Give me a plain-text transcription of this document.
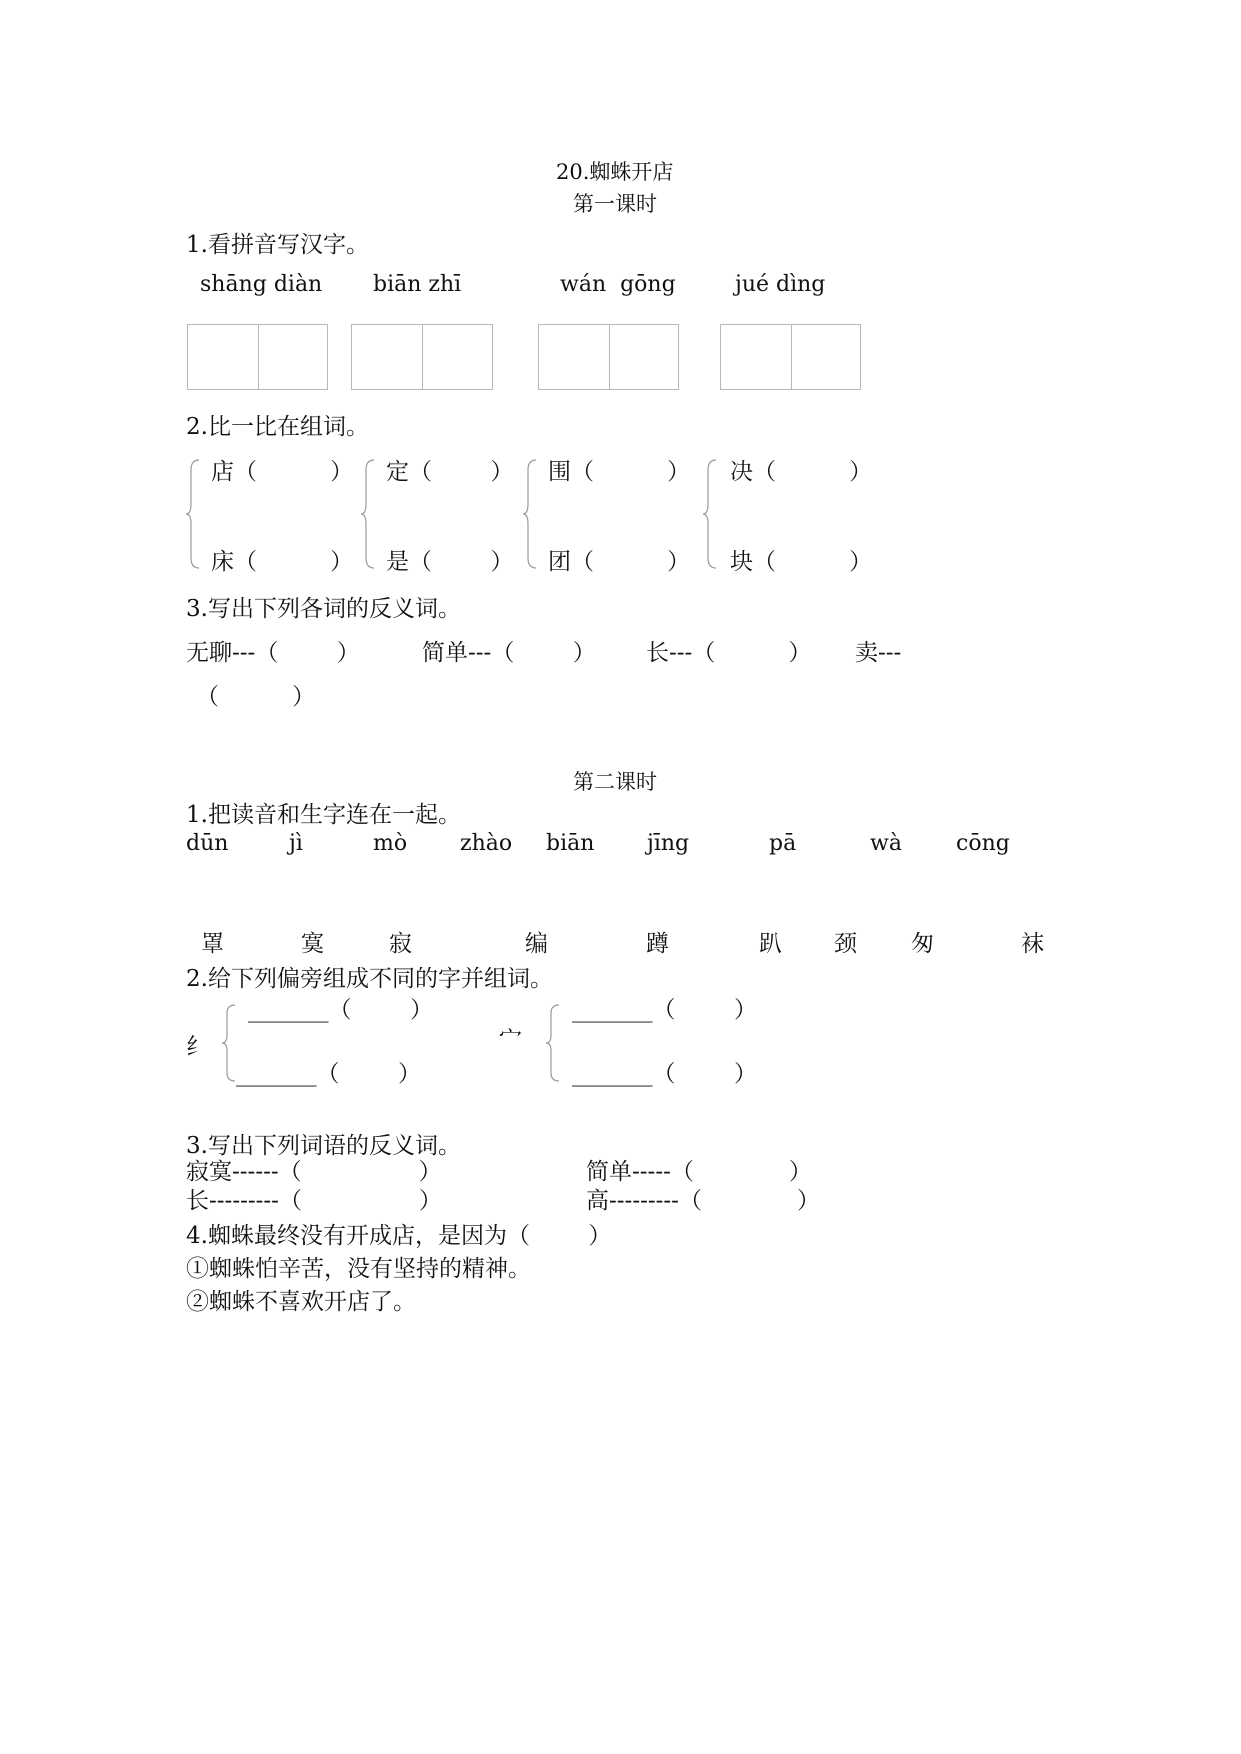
20.蜘蛛开店
第一课时
1.看拼音写汉字。
shāng diàn biān zhī	wán  gōng	jué dìng
2.比一比在组词。
店（          ）
床（          ）
定（        ）
是（        ）
围（          ）
团（          ）
决（          ）
块（          ）
3.写出下列各词的反义词。
无聊---（        ）	简单---（        ） 长---（          ） 卖---
（          ）
第二课时
1.把读音和生字连在一起。
dūn	jì	mò zhào biān jīng	pā	wà cōng
罩	寞	寂	编	蹲	趴 颈 匆	袜
2.给下列偏旁组成不同的字并组词。
纟
_______（        ）
_______（        ）
宀
_______（        ）
_______（        ）
3.写出下列词语的反义词。
寂寞------（                ）	简单-----（             ）
长---------（                ）	高---------（             ）
4.蜘蛛最终没有开成店，是因为（        ）
①蜘蛛怕辛苦，没有坚持的精神。
②蜘蛛不喜欢开店了。
